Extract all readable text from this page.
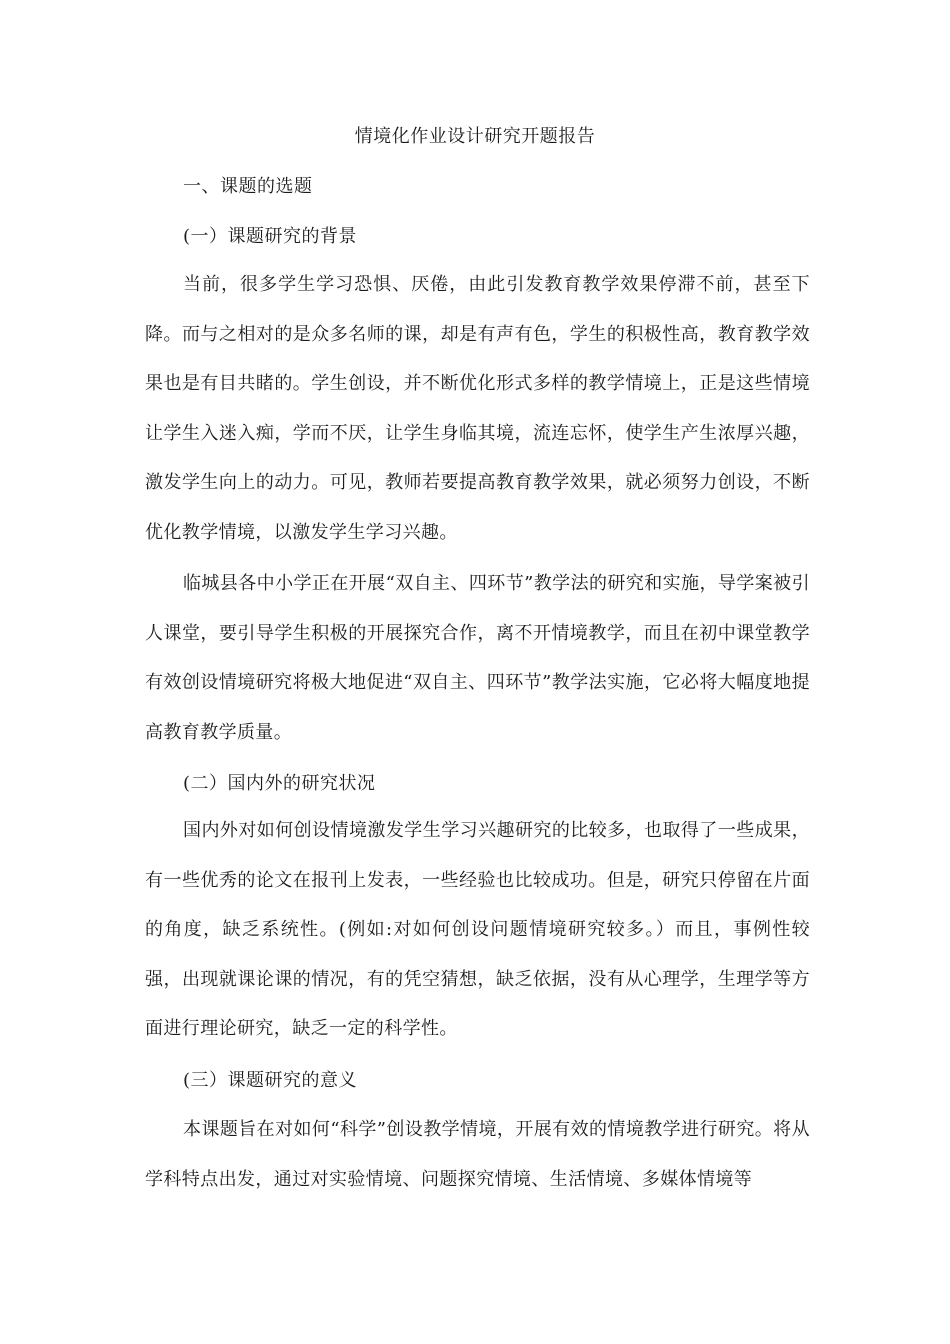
情境化作业设计研究开题报告
一、课题的选题
(一）课题研究的背景

当前，很多学生学习恐惧、厌倦，由此引发教育教学效果停滞不前，甚至下降。而与之相对的是众多名师的课，却是有声有色，学生的积极性高，教育教学效果也是有目共睹的。学生创设，并不断优化形式多样的教学情境上，正是这些情境让学生入迷入痴，学而不厌，让学生身临其境，流连忘怀，使学生产生浓厚兴趣，激发学生向上的动力。可见，教师若要提高教育教学效果，就必须努力创设，不断优化教学情境，以激发学生学习兴趣。

临城县各中小学正在开展“双自主、四环节”教学法的研究和实施，导学案被引人课堂，要引导学生积极的开展探究合作，离不开情境教学，而且在初中课堂教学有效创设情境研究将极大地促进“双自主、四环节”教学法实施，它必将大幅度地提高教育教学质量。

(二）国内外的研究状况

国内外对如何创设情境激发学生学习兴趣研究的比较多，也取得了一些成果，有一些优秀的论文在报刊上发表，一些经验也比较成功。但是，研究只停留在片面的角度，缺乏系统性。(例如:对如何创设问题情境研究较多。）而且，事例性较强，出现就课论课的情况，有的凭空猜想，缺乏依据，没有从心理学，生理学等方面进行理论研究，缺乏一定的科学性。

(三）课题研究的意义

本课题旨在对如何“科学”创设教学情境，开展有效的情境教学进行研究。将从学科特点出发，通过对实验情境、问题探究情境、生活情境、多媒体情境等
